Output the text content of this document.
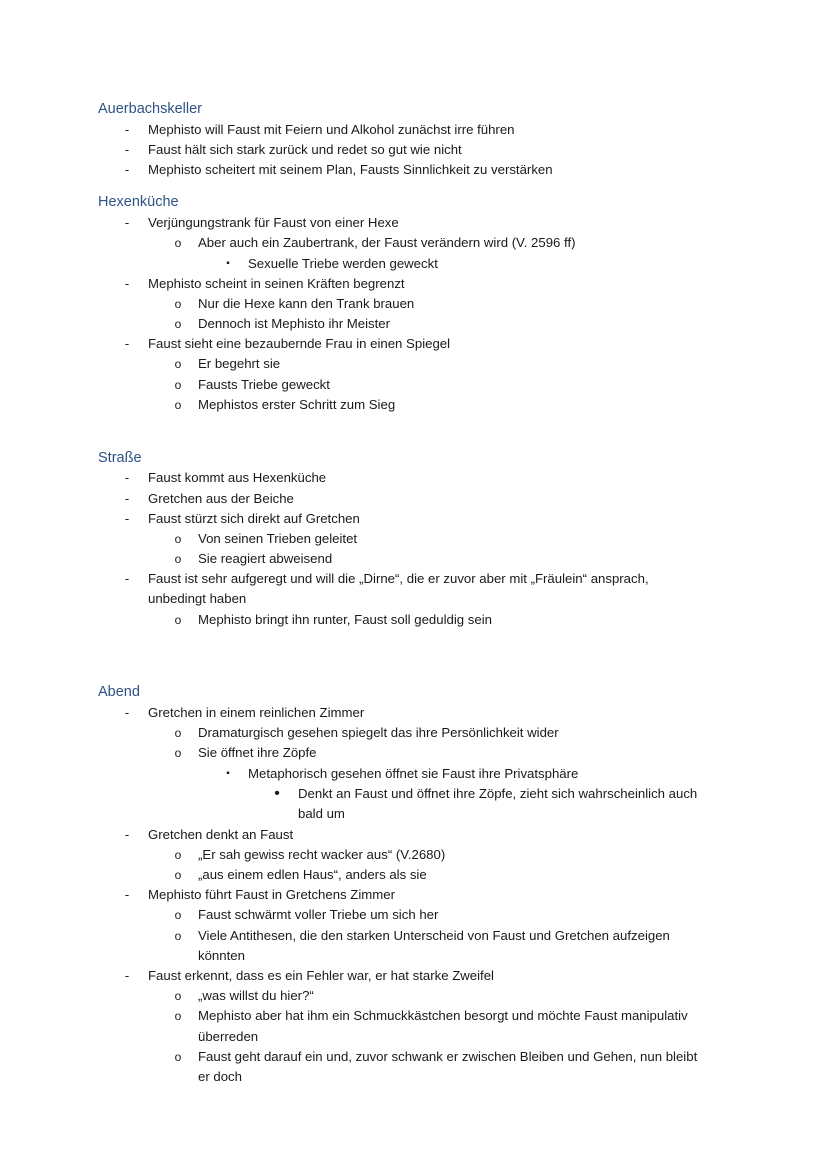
Auerbachskeller
-	Mephisto will Faust mit Feiern und Alkohol zunächst irre führen
-	Faust hält sich stark zurück und redet so gut wie nicht
-	Mephisto scheitert mit seinem Plan, Fausts Sinnlichkeit zu verstärken
Hexenküche
-	Verjüngungstrank für Faust von einer Hexe
o Aber auch ein Zaubertrank, der Faust verändern wird (V. 2596 ff)
▪	Sexuelle Triebe werden geweckt
-	Mephisto scheint in seinen Kräften begrenzt
o Nur die Hexe kann den Trank brauen
o Dennoch ist Mephisto ihr Meister
-	Faust sieht eine bezaubernde Frau in einen Spiegel
o Er begehrt sie
o Fausts Triebe geweckt
o Mephistos erster Schritt zum Sieg
Straße
-	Faust kommt aus Hexenküche
-	Gretchen aus der Beiche
-	Faust stürzt sich direkt auf Gretchen
o Von seinen Trieben geleitet
o Sie reagiert abweisend
-	Faust ist sehr aufgeregt und will die „Dirne“, die er zuvor aber mit „Fräulein“ ansprach,
unbedingt haben
o Mephisto bringt ihn runter, Faust soll geduldig sein
Abend
-	Gretchen in einem reinlichen Zimmer
o Dramaturgisch gesehen spiegelt das ihre Persönlichkeit wider
o Sie öffnet ihre Zöpfe
▪	Metaphorisch gesehen öffnet sie Faust ihre Privatsphäre
•	Denkt an Faust und öffnet ihre Zöpfe, zieht sich wahrscheinlich auch
bald um
-	Gretchen denkt an Faust
o „Er sah gewiss recht wacker aus“ (V.2680)
o „aus einem edlen Haus“, anders als sie
-	Mephisto führt Faust in Gretchens Zimmer
o Faust schwärmt voller Triebe um sich her
o Viele Antithesen, die den starken Unterscheid von Faust und Gretchen aufzeigen
könnten
-	Faust erkennt, dass es ein Fehler war, er hat starke Zweifel
o „was willst du hier?“
o Mephisto aber hat ihm ein Schmuckkästchen besorgt und möchte Faust manipulativ
überreden
o Faust geht darauf ein und, zuvor schwank er zwischen Bleiben und Gehen, nun bleibt
er doch
